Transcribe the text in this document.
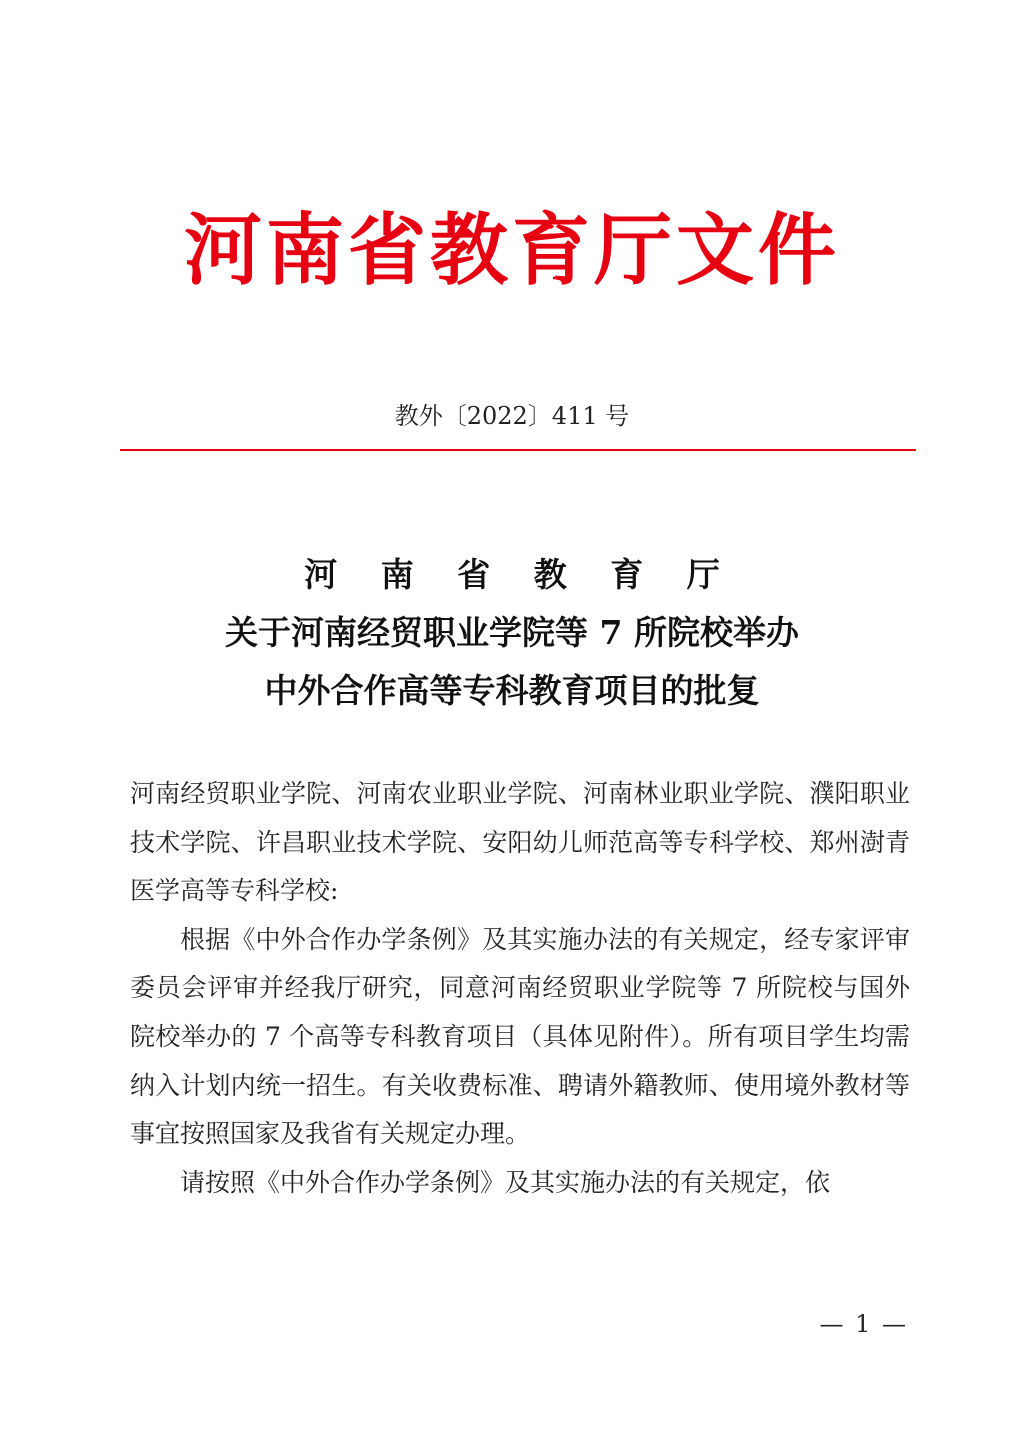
河南省教育厅文件
教外〔2022〕411 号
河 南 省 教 育 厅
关于河南经贸职业学院等 7 所院校举办
中外合作高等专科教育项目的批复

河南经贸职业学院、河南农业职业学院、河南林业职业学院、濮阳职业技术学院、许昌职业技术学院、安阳幼儿师范高等专科学校、郑州澍青医学高等专科学校:

根据《中外合作办学条例》及其实施办法的有关规定，经专家评审委员会评审并经我厅研究，同意河南经贸职业学院等 7 所院校与国外院校举办的 7 个高等专科教育项目（具体见附件）。所有项目学生均需纳入计划内统一招生。有关收费标准、聘请外籍教师、使用境外教材等事宜按照国家及我省有关规定办理。

请按照《中外合作办学条例》及其实施办法的有关规定，依

— 1 —
